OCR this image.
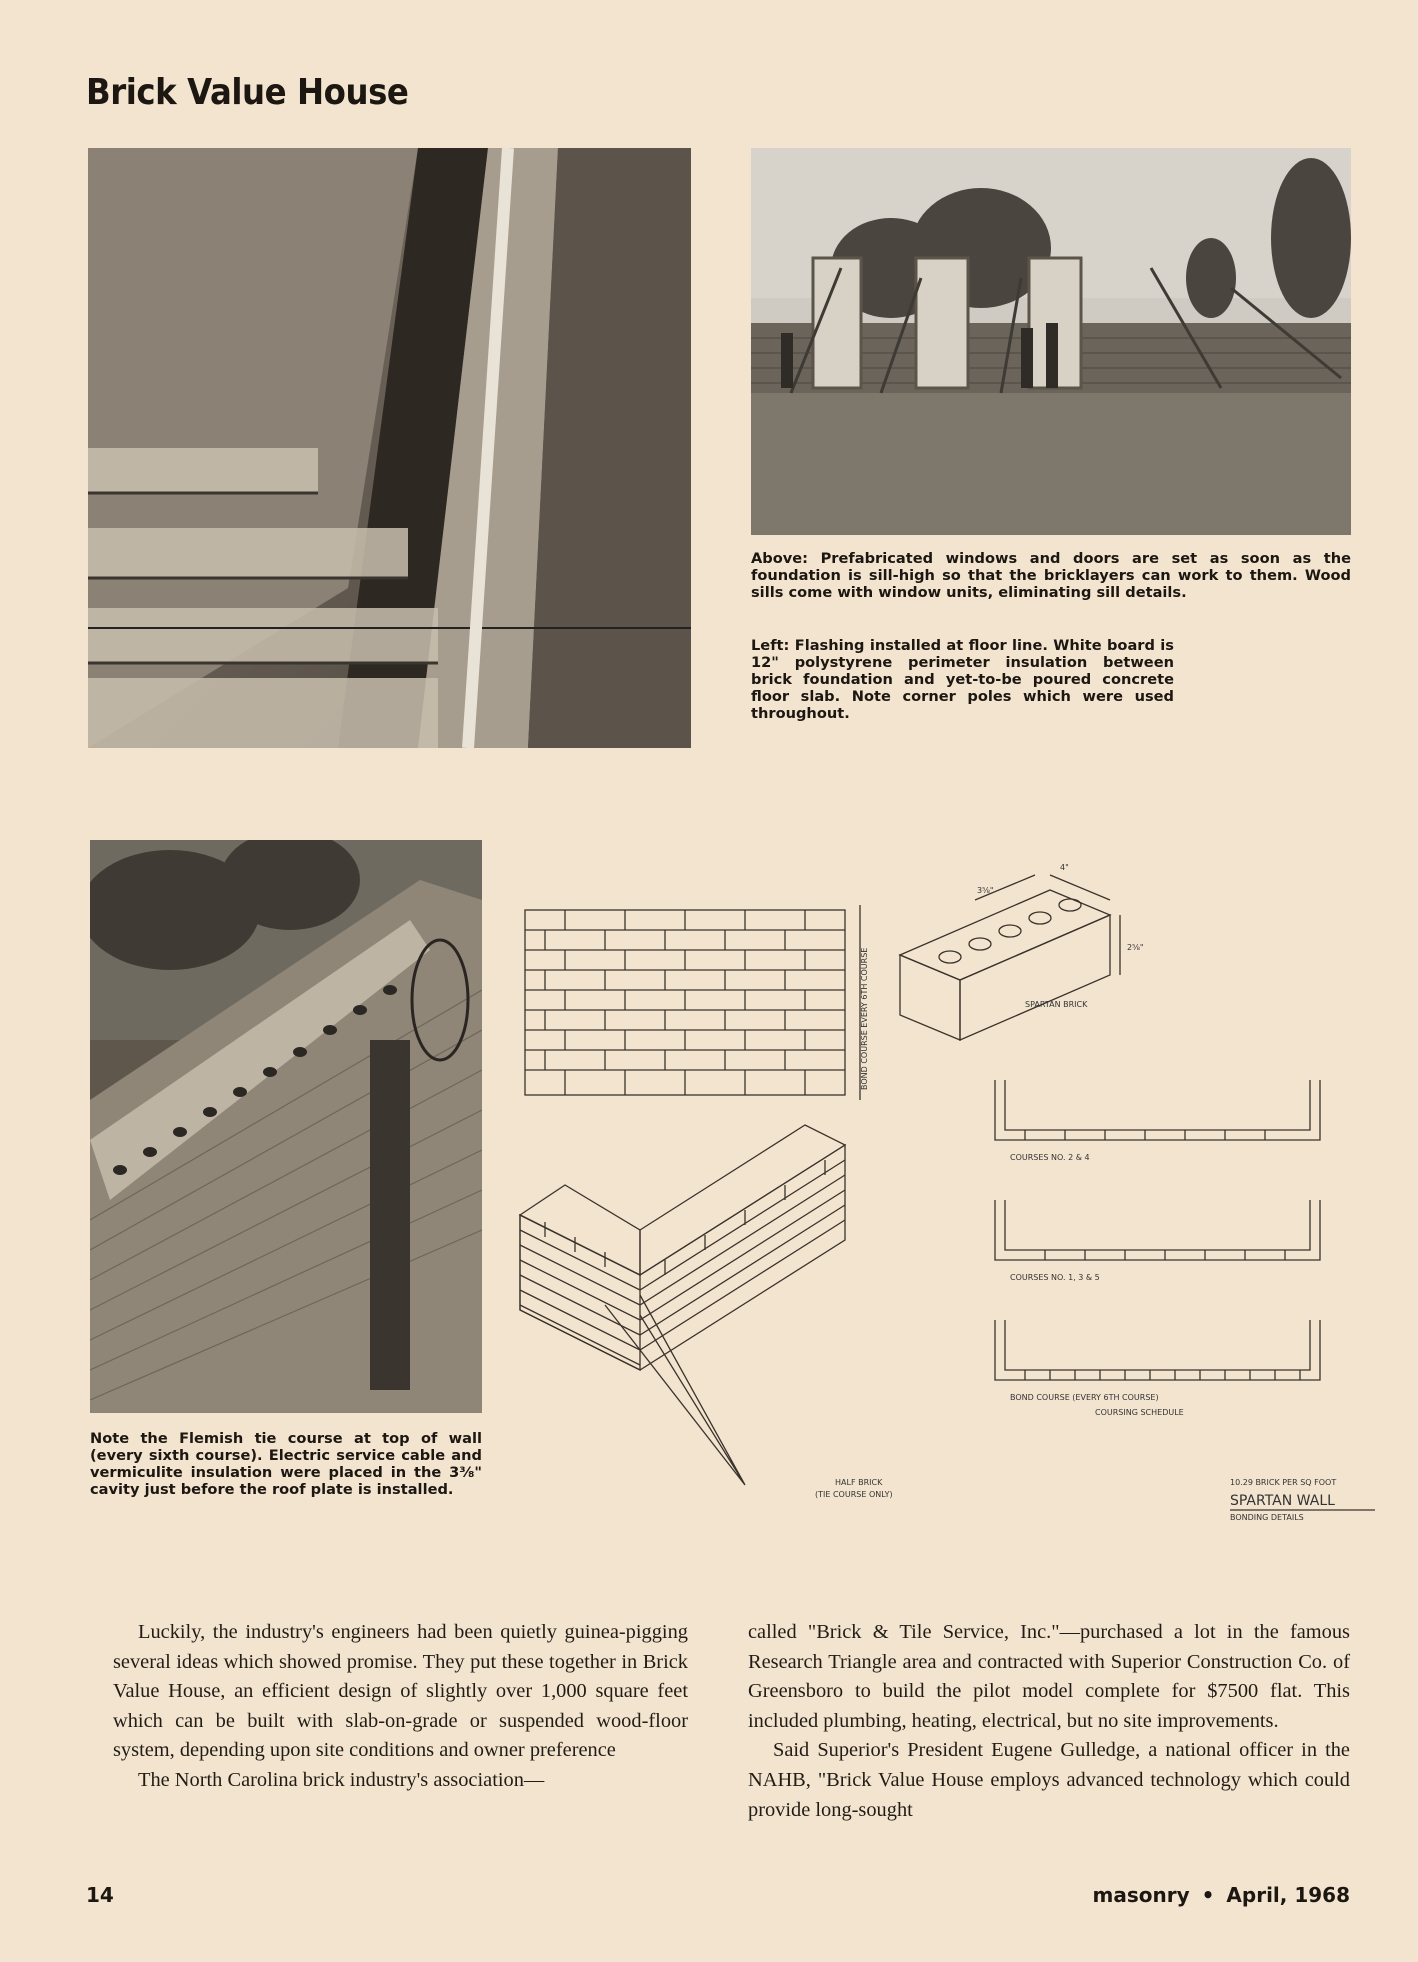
Brick Value House

Above: Prefabricated windows and doors are set as soon as the foundation is sill-high so that the bricklayers can work to them. Wood sills come with window units, eliminating sill details.

Left: Flashing installed at floor line. White board is 12" polystyrene perimeter insulation between brick foundation and yet-to-be poured concrete floor slab. Note corner poles which were used throughout.

Note the Flemish tie course at top of wall (every sixth course). Electric service cable and vermiculite insulation were placed in the 3⅜" cavity just before the roof plate is installed.

BOND COURSE EVERY 6TH COURSE	SPARTAN BRICK
4"
2⅝"
3⅝"
COURSES NO. 2 & 4
COURSES NO. 1, 3 & 5
BOND COURSE (EVERY 6TH COURSE)
COURSING SCHEDULE
HALF BRICK
(TIE COURSE ONLY)
10.29 BRICK PER SQ FOOT
SPARTAN WALL
BONDING DETAILS

Luckily, the industry's engineers had been quietly guinea-pigging several ideas which showed promise. They put these together in Brick Value House, an efficient design of slightly over 1,000 square feet which can be built with slab-on-grade or suspended wood-floor system, depending upon site conditions and owner preference

The North Carolina brick industry's association—

called "Brick & Tile Service, Inc."—purchased a lot in the famous Research Triangle area and contracted with Superior Construction Co. of Greensboro to build the pilot model complete for $7500 flat. This included plumbing, heating, electrical, but no site improvements.

Said Superior's President Eugene Gulledge, a national officer in the NAHB, "Brick Value House employs advanced technology which could provide long-sought

14	masonry • April, 1968
